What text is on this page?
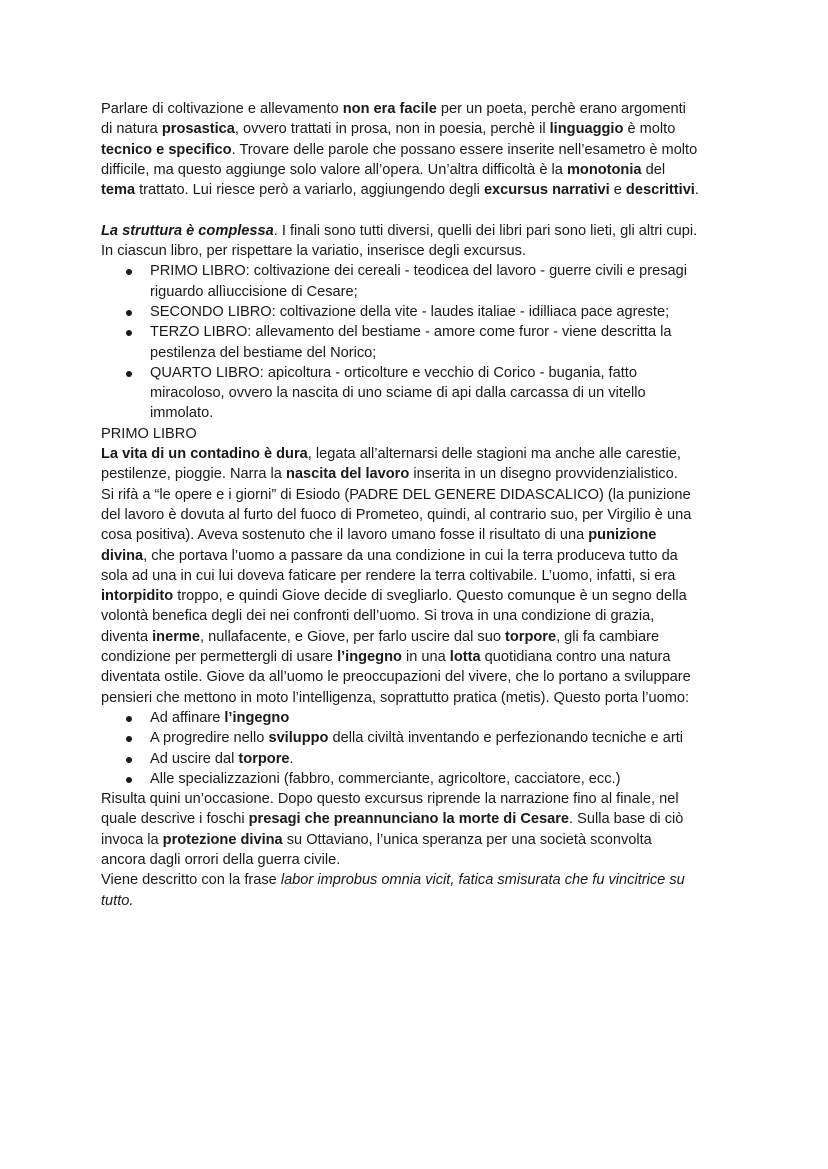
Parlare di coltivazione e allevamento non era facile per un poeta, perchè erano argomenti
di natura prosastica, ovvero trattati in prosa, non in poesia, perchè il linguaggio è molto
tecnico e specifico. Trovare delle parole che possano essere inserite nell’esametro è molto
difficile, ma questo aggiunge solo valore all’opera. Un’altra difficoltà è la monotonia del
tema trattato. Lui riesce però a variarlo, aggiungendo degli excursus narrativi e descrittivi.
La struttura è complessa. I finali sono tutti diversi, quelli dei libri pari sono lieti, gli altri cupi.
In ciascun libro, per rispettare la variatio, inserisce degli excursus.
PRIMO LIBRO: coltivazione dei cereali - teodicea del lavoro - guerre civili e presagi
riguardo allìuccisione di Cesare;
SECONDO LIBRO: coltivazione della vite - laudes italiae - idilliaca pace agreste;
TERZO LIBRO: allevamento del bestiame - amore come furor - viene descritta la
pestilenza del bestiame del Norico;
QUARTO LIBRO: apicoltura - orticolture e vecchio di Corico - bugania, fatto
miracoloso, ovvero la nascita di uno sciame di api dalla carcassa di un vitello
immolato.
PRIMO LIBRO
La vita di un contadino è dura, legata all’alternarsi delle stagioni ma anche alle carestie,
pestilenze, pioggie. Narra la nascita del lavoro inserita in un disegno provvidenzialistico.
Si rifà a “le opere e i giorni” di Esiodo (PADRE DEL GENERE DIDASCALICO) (la punizione
del lavoro è dovuta al furto del fuoco di Prometeo, quindi, al contrario suo, per Virgilio è una
cosa positiva). Aveva sostenuto che il lavoro umano fosse il risultato di una punizione
divina, che portava l’uomo a passare da una condizione in cui la terra produceva tutto da
sola ad una in cui lui doveva faticare per rendere la terra coltivabile. L’uomo, infatti, si era
intorpidito troppo, e quindi Giove decide di svegliarlo. Questo comunque è un segno della
volontà benefica degli dei nei confronti dell’uomo. Si trova in una condizione di grazia,
diventa inerme, nullafacente, e Giove, per farlo uscire dal suo torpore, gli fa cambiare
condizione per permettergli di usare l’ingegno in una lotta quotidiana contro una natura
diventata ostile. Giove da all’uomo le preoccupazioni del vivere, che lo portano a sviluppare
pensieri che mettono in moto l’intelligenza, soprattutto pratica (metis). Questo porta l’uomo:
Ad affinare l’ingegno
A progredire nello sviluppo della civiltà inventando e perfezionando tecniche e arti
Ad uscire dal torpore.
Alle specializzazioni (fabbro, commerciante, agricoltore, cacciatore, ecc.)
Risulta quini un’occasione. Dopo questo excursus riprende la narrazione fino al finale, nel
quale descrive i foschi presagi che preannunciano la morte di Cesare. Sulla base di ciò
invoca la protezione divina su Ottaviano, l’unica speranza per una società sconvolta
ancora dagli orrori della guerra civile.
Viene descritto con la frase labor improbus omnia vicit, fatica smisurata che fu vincitrice su
tutto.
